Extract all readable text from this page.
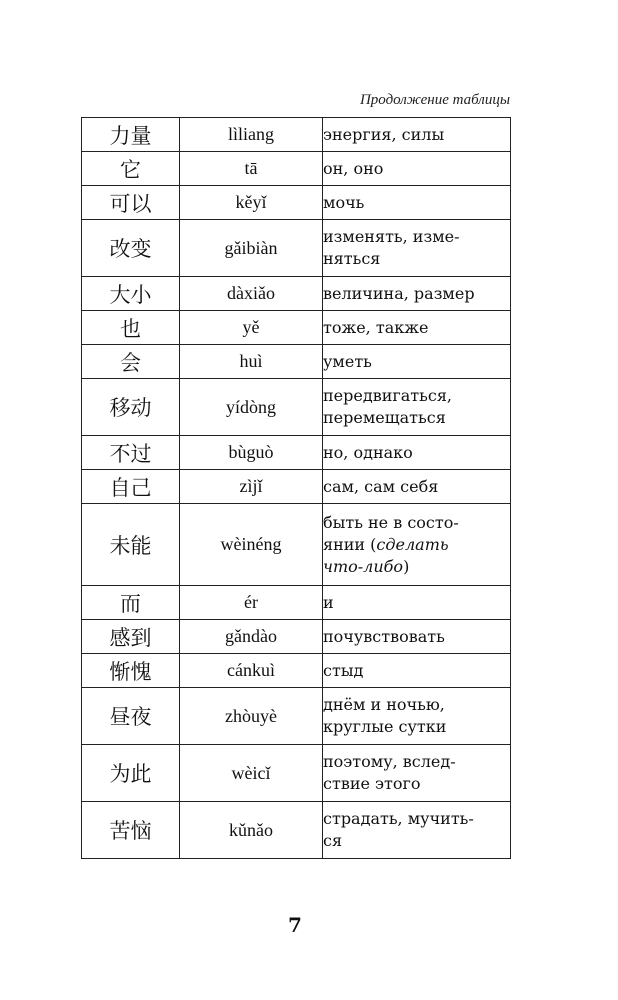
Продолжение таблицы
力量	lìliang	энергия, силы

它	tā	он, оно

可以	kěyǐ	мочь

改变	gǎibiàn	изменять, изме-
няться

大小	dàxiǎo	величина, размер

也	yě	тоже, также

会	huì	уметь

移动	yídòng	передвигаться,
перемещаться

不过	bùguò	но, однако

自己	zìjǐ	сам, сам себя

未能	wèinéng	быть не в состо-
янии (сделать
что-либо)

而	ér	и

感到	gǎndào	почувствовать

惭愧	cánkuì	стыд

昼夜	zhòuyè	днём и ночью,
круглые сутки

为此	wèicǐ	поэтому, вслед-
ствие этого

苦恼	kǔnǎo	страдать, мучить-
ся
7
